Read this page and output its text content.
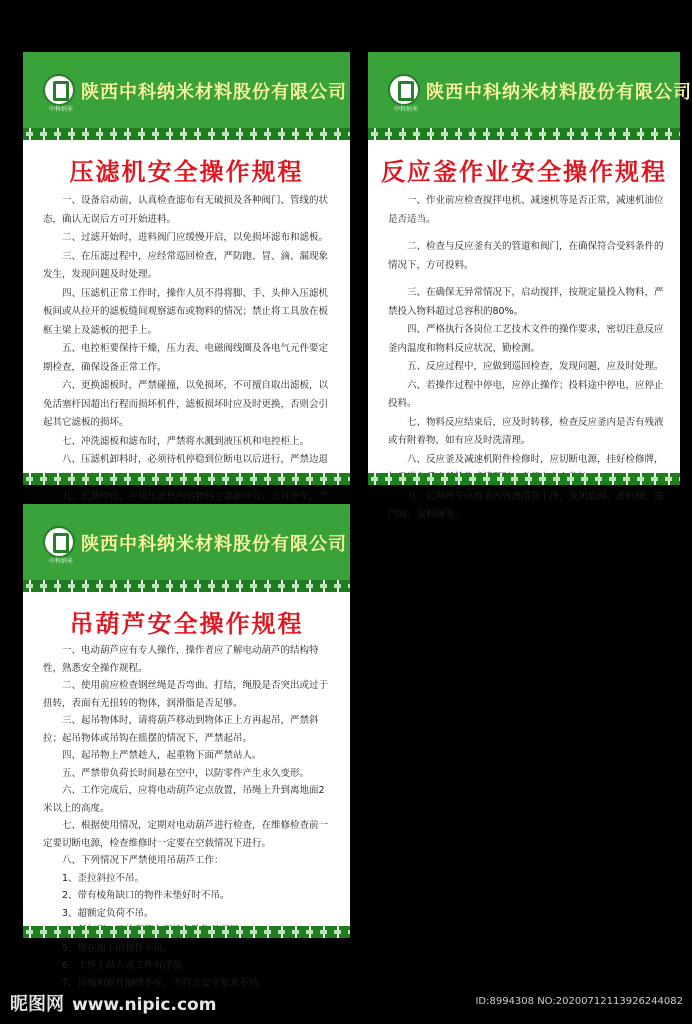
中科纳米
陕西中科纳米材料股份有限公司
压滤机安全操作规程

一、设备启动前，认真检查滤布有无破损及各种阀门、管线的状态，确认无误后方可开始进料。

二、过滤开始时，进料阀门应缓慢开启，以免损坏滤布和滤板。

三、在压滤过程中，应经常巡回检查，严防跑、冒、滴、漏现象发生，发现问题及时处理。

四、压滤机正常工作时，操作人员不得将脚、手、头伸入压滤机板间或从拉开的滤板缝间观察滤布或物料的情况；禁止将工具放在板框主梁上及滤板的把手上。

五、电控柜要保持干燥，压力表、电磁阀线圈及各电气元件要定期检查，确保设备正常工作。

六、更换滤板时，严禁碰撞，以免损坏，不可擅自取出滤板，以免活塞杆因超出行程而损坏机件，滤板损坏时应及时更换，否则会引起其它滤板的损坏。

七、冲洗滤板和滤布时，严禁将水溅到液压机和电控柜上。

八、压滤机卸料时，必须待机停稳到位断电以后进行，严禁边退

九、长期停前，应将压滤机内的物料全部卸净后，方可停车，严

中科纳米
陕西中科纳米材料股份有限公司
反应釜作业安全操作规程

一、作业前应检查搅拌电机、减速机等是否正常，减速机油位是否适当。

二、检查与反应釜有关的管道和阀门，在确保符合受料条件的情况下，方可投料。

三、在确保无异常情况下，启动搅拌，按规定量投入物料，严禁投入物料超过总容积的80%。

四、严格执行各岗位工艺技术文件的操作要求，密切注意反应釜内温度和物料反应状况，勤检测。

五、反应过程中，应做到巡回检查，发现问题，应及时处理。

六、若操作过程中停电，应停止操作；投料途中停电，应停止投料。

七、物料反应结束后，应及时转移，检查反应釜内是否有残液或有附着物，如有应及时洗清理。

八、反应釜及减速机附件检修时，应切断电源，挂好检修牌，

九、长期停车应将釜内残液清洗干净，关闭底阀、进料阀、进汽阀、放料阀等。

中科纳米
陕西中科纳米材料股份有限公司
吊葫芦安全操作规程

一、电动葫芦应有专人操作，操作者应了解电动葫芦的结构特性，熟悉安全操作规程。

二、使用前应检查钢丝绳是否弯曲、打结，绳股是否突出或过于扭转，表面有无扭转的物体，润滑脂是否足够。

三、起吊物体时，请将葫芦移动到物体正上方再起吊，严禁斜拉；起吊物体或吊钩在摇摆的情况下，严禁起吊。

四、起吊物上严禁趁人，起重物下面严禁站人。

五、严禁带负荷长时间悬在空中，以防零件产生永久变形。

六、工作完成后，应将电动葫芦定点放置，吊绳上升到离地面2米以上的高度。

七、根据使用情况，定期对电动葫芦进行检查，在维修检查前一定要切断电源，检查维修时一定要在空载情况下进行。

八、下列情况下严禁使用吊葫芦工作：

1、歪拉斜拉不吊。

2、带有棱角缺口的物件未垫好时不吊。

3、超额定负荷不吊。

5、埋在地下的物件不吊。

6、工件上站人或工件有浮放。

7、吊绳和附件捆缚不牢，不符合安全要求不吊。

昵图网 www.nipic.com	ID:8994308 NO:20200712113926244082
